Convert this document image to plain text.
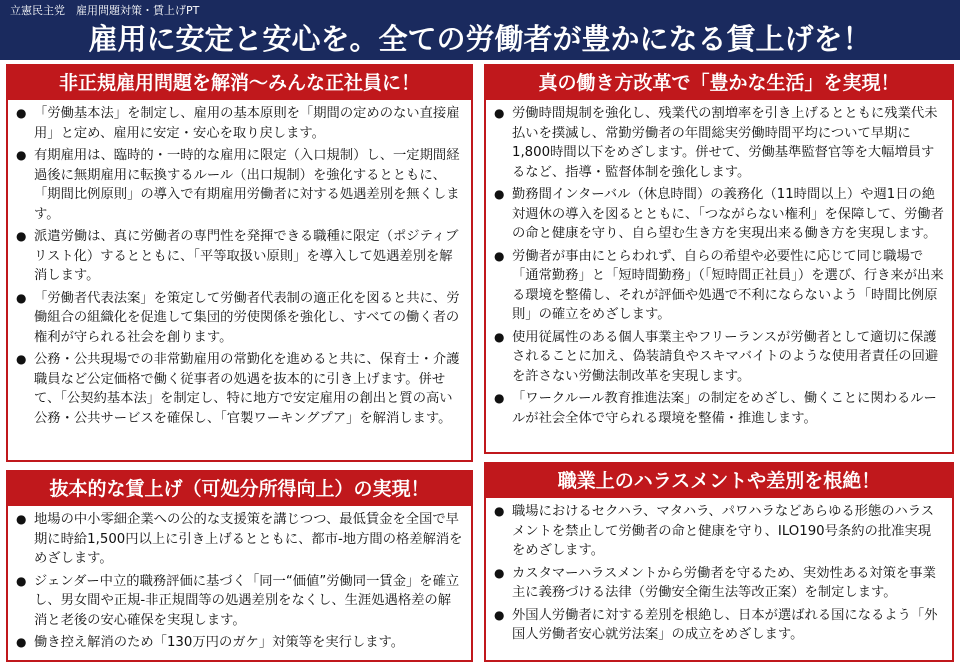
立憲民主党　雇用問題対策・賃上げPT
雇用に安定と安心を。全ての労働者が豊かになる賃上げを！
非正規雇用問題を解消～みんな正社員に！
● 「労働基本法」を制定し、雇用の基本原則を「期間の定めのない直接雇用」と定め、雇用に安定・安心を取り戻します。
● 有期雇用は、臨時的・一時的な雇用に限定（入口規制）し、一定期間経過後に無期雇用に転換するルール（出口規制）を強化するとともに、「期間比例原則」の導入で有期雇用労働者に対する処遇差別を無くします。
● 派遣労働は、真に労働者の専門性を発揮できる職種に限定（ポジティブリスト化）するとともに、「平等取扱い原則」を導入して処遇差別を解消します。
● 「労働者代表法案」を策定して労働者代表制の適正化を図ると共に、労働組合の組織化を促進して集団的労使関係を強化し、すべての働く者の権利が守られる社会を創ります。
● 公務・公共現場での非常勤雇用の常勤化を進めると共に、保育士・介護職員など公定価格で働く従事者の処遇を抜本的に引き上げます。併せて、「公契約基本法」を制定し、特に地方で安定雇用の創出と質の高い公務・公共サービスを確保し、「官製ワーキングプア」を解消します。
真の働き方改革で「豊かな生活」を実現！
● 労働時間規制を強化し、残業代の割増率を引き上げるとともに残業代未払いを撲滅し、常勤労働者の年間総実労働時間平均について早期に1,800時間以下をめざします。併せて、労働基準監督官等を大幅増員するなど、指導・監督体制を強化します。
● 勤務間インターバル（休息時間）の義務化（11時間以上）や週1日の絶対週休の導入を図るとともに、「つながらない権利」を保障して、労働者の命と健康を守り、自ら望む生き方を実現出来る働き方を実現します。
● 労働者が事由にとらわれず、自らの希望や必要性に応じて同じ職場で「通常勤務」と「短時間勤務」（「短時間正社員」）を選び、行き来が出来る環境を整備し、それが評価や処遇で不利にならないよう「時間比例原則」の確立をめざします。
● 使用従属性のある個人事業主やフリーランスが労働者として適切に保護されることに加え、偽装請負やスキマバイトのような使用者責任の回避を許さない労働法制改革を実現します。
● 「ワークルール教育推進法案」の制定をめざし、働くことに関わるルールが社会全体で守られる環境を整備・推進します。
抜本的な賃上げ（可処分所得向上）の実現！
● 地場の中小零細企業への公的な支援策を講じつつ、最低賃金を全国で早期に時給1,500円以上に引き上げるとともに、都市-地方間の格差解消をめざします。
● ジェンダー中立的職務評価に基づく「同一“価値”労働同一賃金」を確立し、男女間や正規-非正規間等の処遇差別をなくし、生涯処遇格差の解消と老後の安心確保を実現します。
● 働き控え解消のため「130万円のガケ」対策等を実行します。
職業上のハラスメントや差別を根絶！
● 職場におけるセクハラ、マタハラ、パワハラなどあらゆる形態のハラスメントを禁止して労働者の命と健康を守り、ILO190号条約の批准実現をめざします。
● カスタマーハラスメントから労働者を守るため、実効性ある対策を事業主に義務づける法律（労働安全衛生法等改正案）を制定します。
● 外国人労働者に対する差別を根絶し、日本が選ばれる国になるよう「外国人労働者安心就労法案」の成立をめざします。
